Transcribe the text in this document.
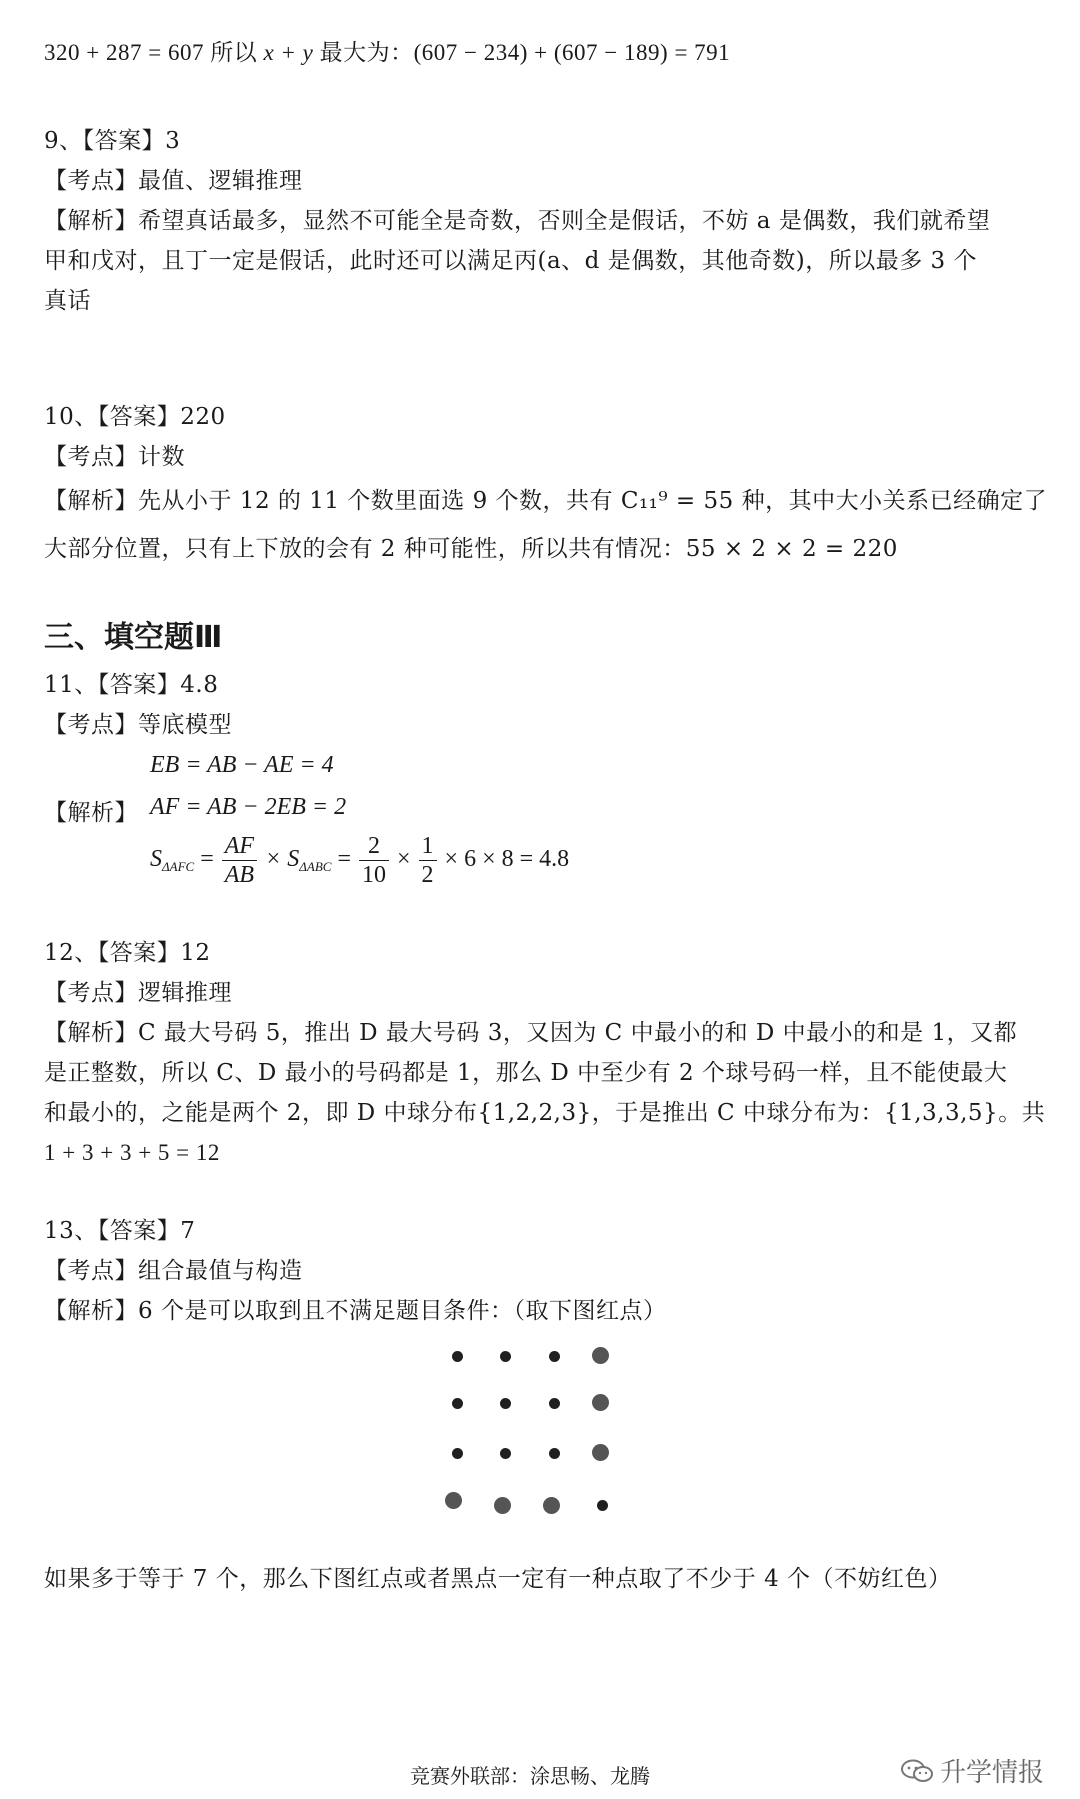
320 + 287 = 607 所以 x + y 最大为：(607 − 234) + (607 − 189) = 791
9、【答案】3
【考点】最值、逻辑推理
【解析】希望真话最多，显然不可能全是奇数，否则全是假话，不妨 a 是偶数，我们就希望
甲和戊对，且丁一定是假话，此时还可以满足丙(a、d 是偶数，其他奇数)，所以最多 3 个
真话
10、【答案】220
【考点】计数
【解析】先从小于 12 的 11 个数里面选 9 个数，共有 C₁₁⁹ = 55 种，其中大小关系已经确定了
大部分位置，只有上下放的会有 2 种可能性，所以共有情况：55 × 2 × 2 = 220
三、填空题Ⅲ
11、【答案】4.8
【考点】等底模型
EB = AB − AE = 4
【解析】 AF = AB − 2EB = 2
$S_{\Delta AFC} = \frac{AF}{AB} \times S_{\Delta ABC} = \frac{2}{10} \times \frac{1}{2} \times 6 \times 8 = 4.8$
12、【答案】12
【考点】逻辑推理
【解析】C 最大号码 5，推出 D 最大号码 3，又因为 C 中最小的和 D 中最小的和是 1，又都
是正整数，所以 C、D 最小的号码都是 1，那么 D 中至少有 2 个球号码一样，且不能使最大
和最小的，之能是两个 2，即 D 中球分布{1,2,2,3}，于是推出 C 中球分布为：{1,3,3,5}。共
1 + 3 + 3 + 5 = 12
13、【答案】7
【考点】组合最值与构造
【解析】6 个是可以取到且不满足题目条件：（取下图红点）
如果多于等于 7 个，那么下图红点或者黑点一定有一种点取了不少于 4 个（不妨红色）
竞赛外联部：涂思畅、龙腾	升学情报
